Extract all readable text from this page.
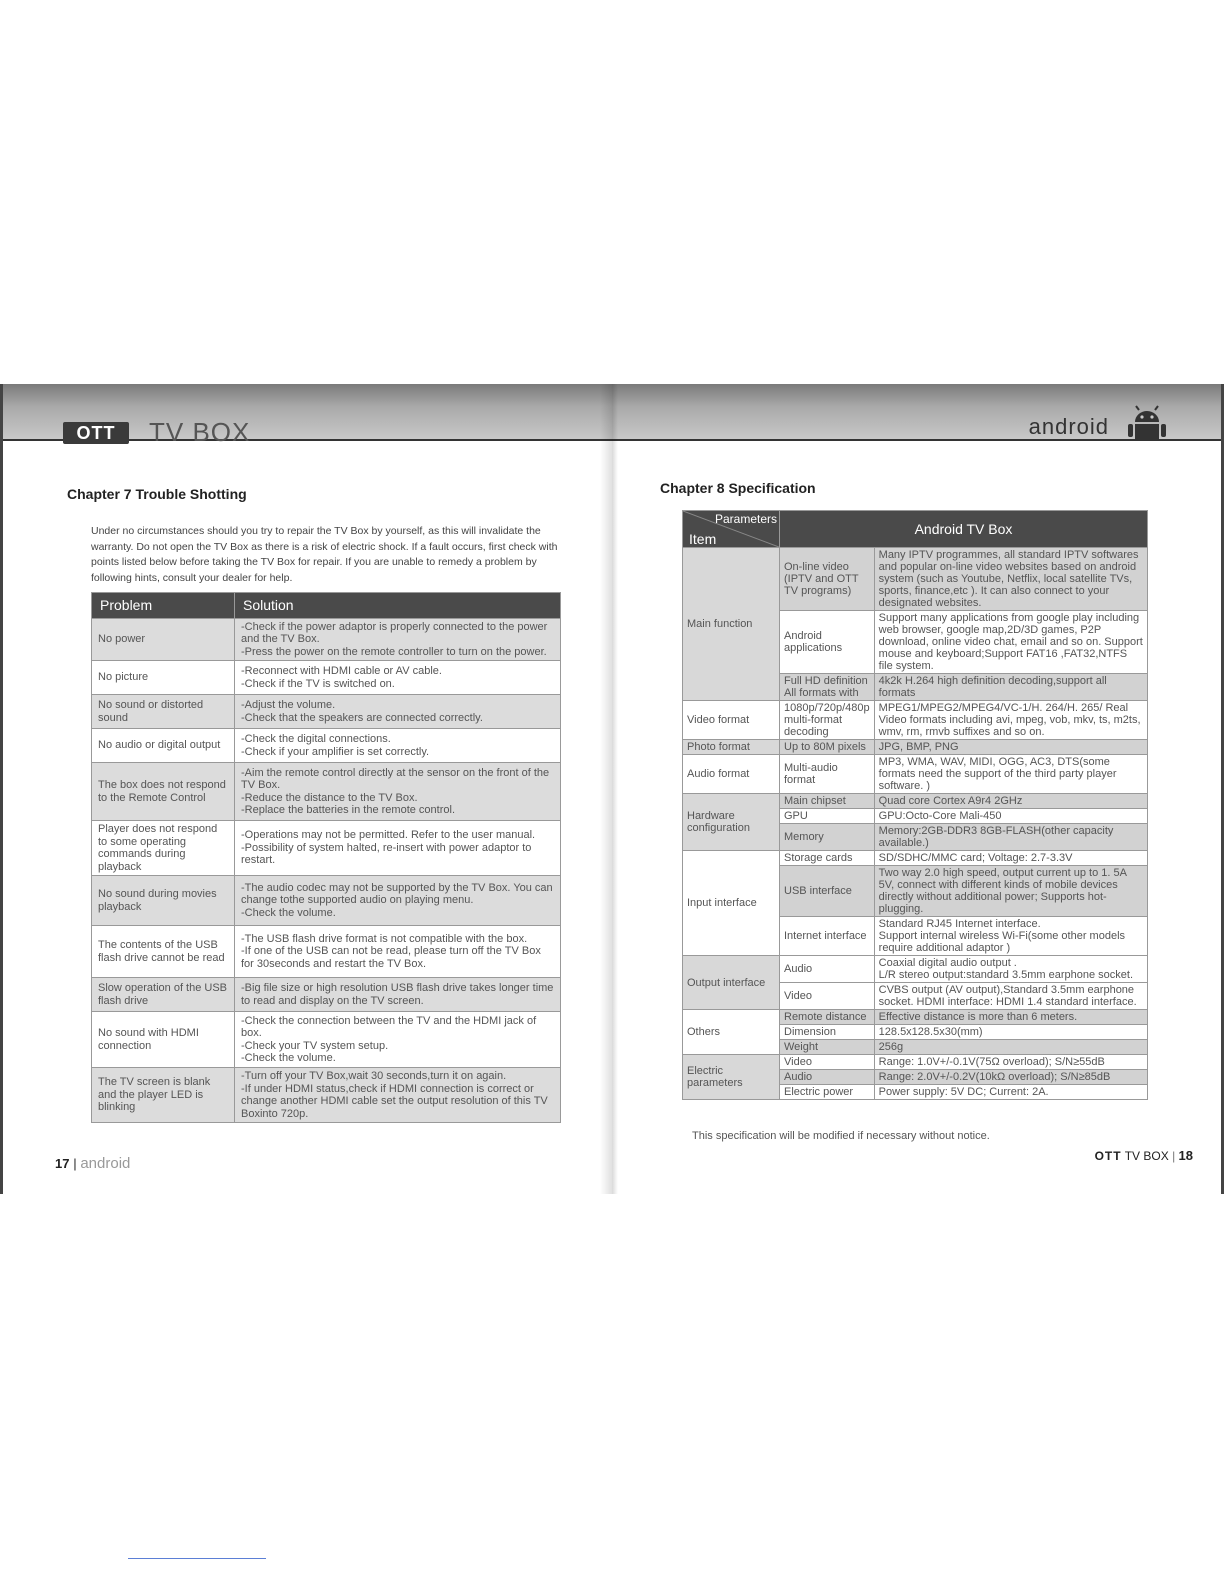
OTT	TV BOX
Chapter 7 Trouble Shotting
Under no circumstances should you try to repair the TV Box by yourself, as this will invalidate the warranty. Do not open the TV Box as there is a risk of electric shock. If a fault occurs, first check with points listed below before taking the TV Box for repair. If you are unable to remedy a problem by following hints, consult your dealer for help.
Problem	Solution
No power	-Check if the power adaptor is properly connected to the power and the TV Box.
-Press the power on the remote controller to turn on the power.
No picture	-Reconnect with HDMI cable or AV cable.
-Check if the TV is switched on.
No sound or distorted sound	-Adjust the volume.
-Check that the speakers are connected correctly.
No audio or digital output	-Check the digital connections.
-Check if your amplifier is set correctly.
The box does not respond to the Remote Control	-Aim the remote control directly at the sensor on the front of the TV Box.
-Reduce the distance to the TV Box.
-Replace the batteries in the remote control.
Player does not respond to some operating commands during playback	-Operations may not be permitted. Refer to the user manual.
-Possibility of system halted, re-insert with power adaptor to restart.
No sound during movies playback	-The audio codec may not be supported by the TV Box. You can change tothe supported audio on playing menu.
-Check the volume.
The contents of the USB flash drive cannot be read	-The USB flash drive format is not compatible with the box.
-If one of the USB can not be read, please turn off the TV Box for 30seconds and restart the TV Box.
Slow operation of the USB flash drive	-Big file size or high resolution USB flash drive takes longer time to read and display on the TV screen.
No sound with HDMI connection	-Check the connection between the TV and the HDMI jack of box.
-Check your TV system setup.
-Check the volume.
The TV screen is blank and the player LED is blinking	-Turn off your TV Box,wait 30 seconds,turn it on again.
-If under HDMI status,check if HDMI connection is correct or change another HDMI cable set the output resolution of this TV Boxinto 720p.
17 | android
android
Chapter 8 Specification
Parameters
Item	Android TV Box	
Main function	On-line video (IPTV and OTT TV programs)	Many IPTV programmes, all standard IPTV softwares and popular on-line video websites based on android system (such as Youtube, Netflix, local satellite TVs, sports, finance,etc ). It can also connect to your designated websites.
	Android applications	Support many applications from google play including web browser, google map,2D/3D games, P2P download, online video chat, email and so on. Support mouse and keyboard;Support FAT16 ,FAT32,NTFS file system.
	Full HD definition All formats with	4k2k H.264 high definition decoding,support all formats
Video format	1080p/720p/480p multi-format decoding	MPEG1/MPEG2/MPEG4/VC-1/H. 264/H. 265/ Real Video formats including avi, mpeg, vob, mkv, ts, m2ts, wmv, rm, rmvb suffixes and so on.
Photo format	Up to 80M pixels	JPG, BMP, PNG
Audio format	Multi-audio format	MP3, WMA, WAV, MIDI, OGG, AC3, DTS(some formats need the support of the third party player software. )
Hardware configuration	Main chipset	Quad core Cortex A9r4 2GHz
	GPU	GPU:Octo-Core Mali-450
	Memory	Memory:2GB-DDR3 8GB-FLASH(other capacity available.)
Input interface	Storage cards	SD/SDHC/MMC card; Voltage: 2.7-3.3V
	USB interface	Two way 2.0 high speed, output current up to 1. 5A 5V, connect with different kinds of mobile devices directly without additional power; Supports hot-plugging.
	Internet interface	Standard RJ45 Internet interface.
Support internal wireless Wi-Fi(some other models require additional adaptor )
Output interface	Audio	Coaxial digital audio output .
L/R stereo output:standard 3.5mm earphone socket.
	Video	CVBS output (AV output),Standard 3.5mm earphone socket. HDMI interface: HDMI 1.4 standard interface.
Others	Remote distance	Effective distance is more than 6 meters.
	Dimension	128.5x128.5x30(mm)
	Weight	256g
Electric parameters	Video	Range: 1.0V+/-0.1V(75Ω overload); S/N≥55dB
	Audio	Range: 2.0V+/-0.2V(10kΩ overload); S/N≥85dB
	Electric power	Power supply: 5V DC; Current: 2A.
This specification will be modified if necessary without notice.
OTT TV BOX | 18
